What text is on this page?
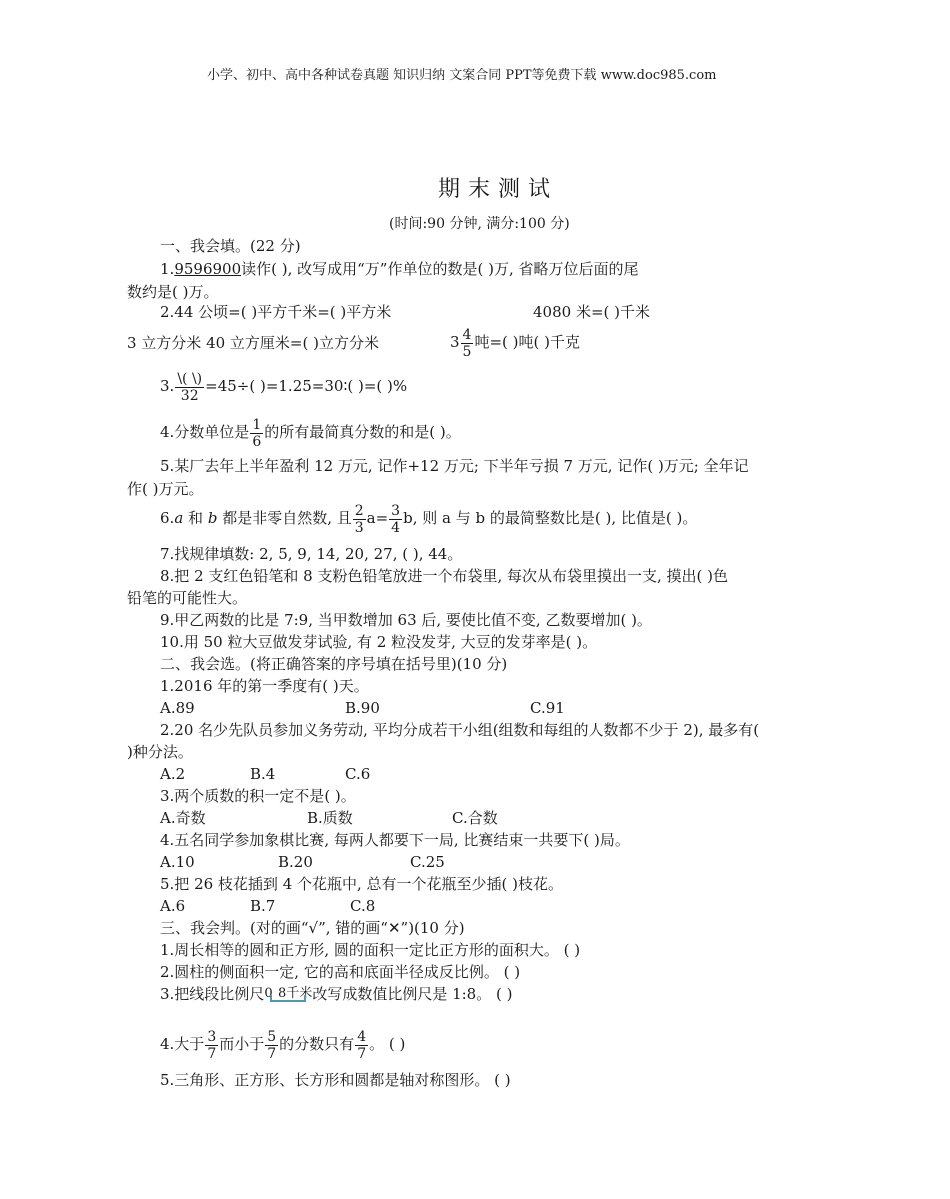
小学、初中、高中各种试卷真题 知识归纳 文案合同 PPT等免费下载 www.doc985.com
期末测试
(时间:90 分钟, 满分:100 分)
一、我会填。(22 分)
1.9596900读作( ), 改写成用“万”作单位的数是( )万, 省略万位后面的尾
数约是( )万。
2.44 公顷=( )平方千米=( )平方米	4080 米=( )千米
3 立方分米 40 立方厘米=( )立方分米	$3 \frac{4}{5}$ 吨=( )吨( )千克
3. $\frac{\backslash( \backslash)}{32} =45\div$( )=1.25=30∶( )=( )%
4.分数单位是 $\frac{1}{6}$ 的所有最简真分数的和是( )。
5.某厂去年上半年盈利 12 万元, 记作+12 万元; 下半年亏损 7 万元, 记作( )万元; 全年记
作( )万元。
6.a 和 b 都是非零自然数, 且 $\frac{2}{3} a= \frac{3}{4} b$, 则 a 与 b 的最简整数比是( ), 比值是( )。
7.找规律填数: 2, 5, 9, 14, 20, 27, ( ), 44。
8.把 2 支红色铅笔和 8 支粉色铅笔放进一个布袋里, 每次从布袋里摸出一支, 摸出( )色
铅笔的可能性大。
9.甲乙两数的比是 7:9, 当甲数增加 63 后, 要使比值不变, 乙数要增加( )。
10.用 50 粒大豆做发芽试验, 有 2 粒没发芽, 大豆的发芽率是( )。
二、我会选。(将正确答案的序号填在括号里)(10 分)
1.2016 年的第一季度有( )天。
A.89	B.90	C.91
2.20 名少先队员参加义务劳动, 平均分成若干小组(组数和每组的人数都不少于 2), 最多有(
)种分法。
A.2	B.4	C.6
3.两个质数的积一定不是( )。
A.奇数	B.质数	C.合数
4.五名同学参加象棋比赛, 每两人都要下一局, 比赛结束一共要下( )局。
A.10	B.20	C.25
5.把 26 枝花插到 4 个花瓶中, 总有一个花瓶至少插( )枝花。
A.6	B.7	C.8
三、我会判。(对的画“√”, 错的画“✕”)(10 分)
1.周长相等的圆和正方形, 圆的面积一定比正方形的面积大。 ( )
2.圆柱的侧面积一定, 它的高和底面半径成反比例。 ( )
3.把线段比例尺 0 8千米 改写成数值比例尺是 1:8。 ( )
4.大于 $\frac{3}{7}$ 而小于 $\frac{5}{7}$ 的分数只有 $\frac{4}{7}$ 。 ( )
5.三角形、正方形、长方形和圆都是轴对称图形。 ( )
